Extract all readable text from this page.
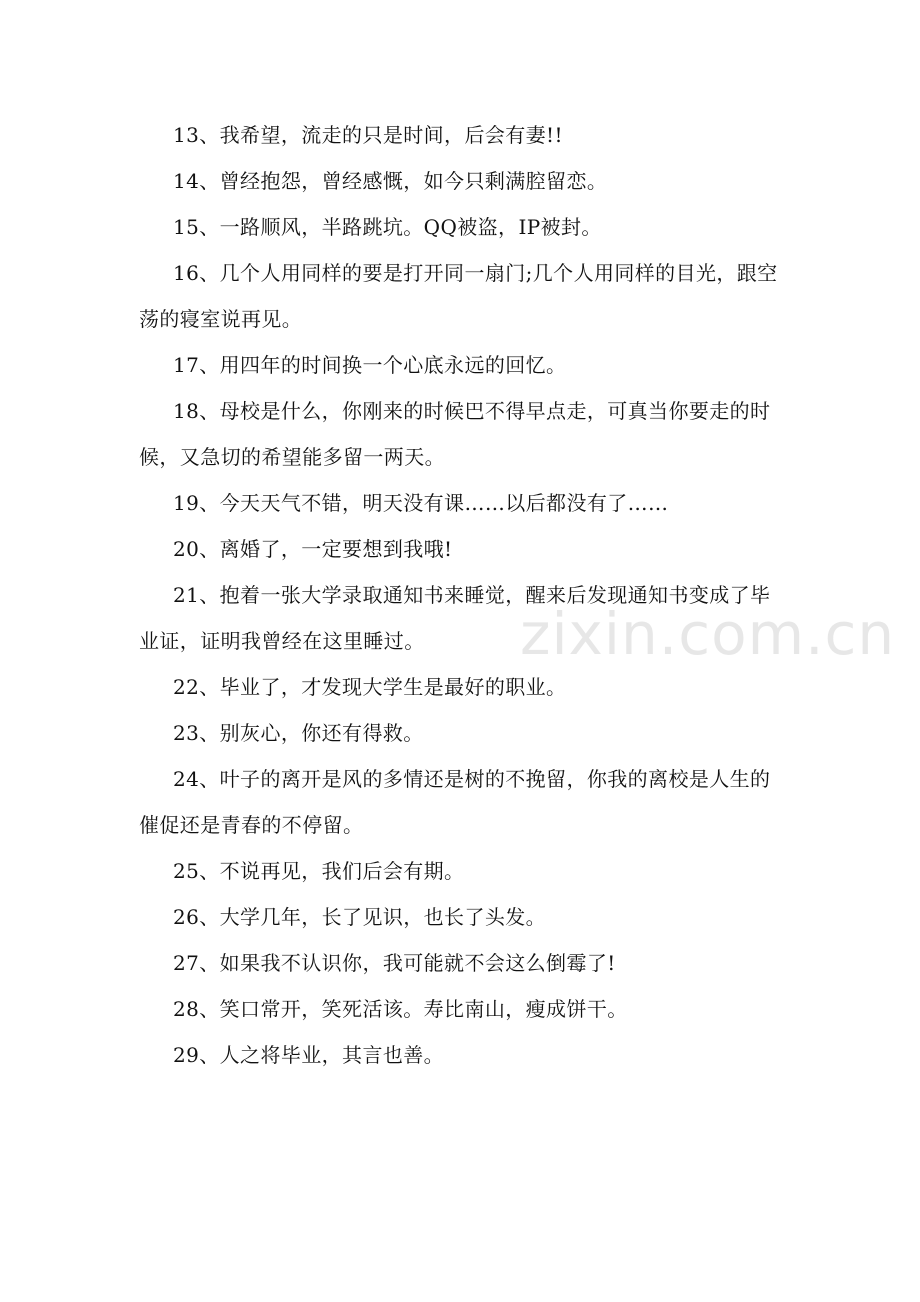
13、我希望，流走的只是时间，后会有妻!!

14、曾经抱怨，曾经感慨，如今只剩满腔留恋。

15、一路顺风，半路跳坑。QQ被盗，IP被封。

16、几个人用同样的要是打开同一扇门;几个人用同样的目光，跟空荡的寝室说再见。

17、用四年的时间换一个心底永远的回忆。

18、母校是什么，你刚来的时候巴不得早点走，可真当你要走的时候，又急切的希望能多留一两天。

19、今天天气不错，明天没有课……以后都没有了……

20、离婚了，一定要想到我哦!

21、抱着一张大学录取通知书来睡觉，醒来后发现通知书变成了毕业证，证明我曾经在这里睡过。

22、毕业了，才发现大学生是最好的职业。

23、别灰心，你还有得救。

24、叶子的离开是风的多情还是树的不挽留，你我的离校是人生的催促还是青春的不停留。

25、不说再见，我们后会有期。

26、大学几年，长了见识，也长了头发。

27、如果我不认识你，我可能就不会这么倒霉了!

28、笑口常开，笑死活该。寿比南山，瘦成饼干。

29、人之将毕业，其言也善。

zixin.com.cn
